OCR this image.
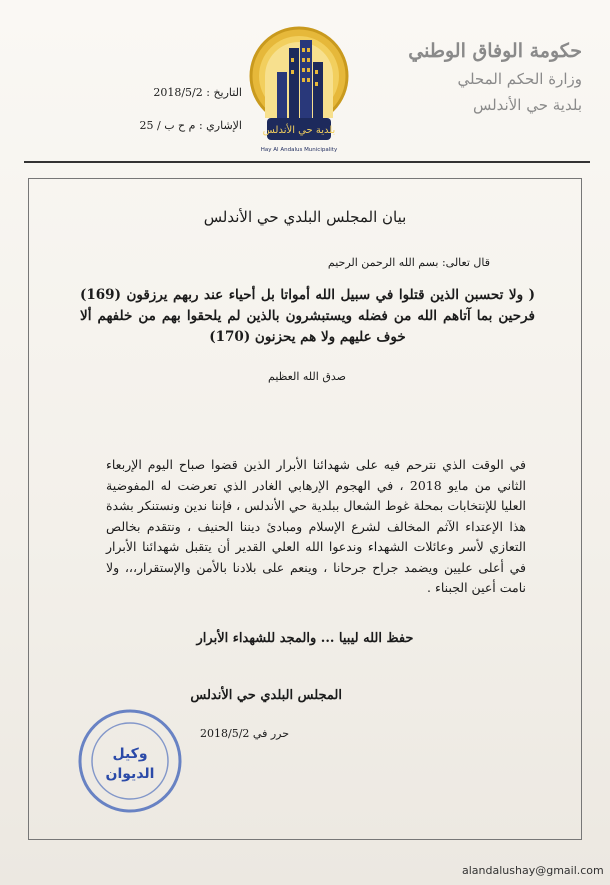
حكومة الوفاق الوطني
وزارة الحكم المحلي
بلدية حي الأندلس
بلدية حي الأندلس
Hay Al Andalus Municipality
التاريخ : 2018/5/2
الإشاري : م ح ب / 25
بيان المجلس البلدي حي الأندلس
قال تعالى: بسم الله الرحمن الرحيم
( ولا تحسبن الذين قتلوا في سبيل الله أمواتا بل أحياء عند ربهم يرزقون (169) فرحين بما آتاهم الله من فضله ويستبشرون بالذين لم يلحقوا بهم من خلفهم ألا خوف عليهم ولا هم يحزنون (170)
صدق الله العظيم
في الوقت الذي نترحم فيه على شهدائنا الأبرار الذين قضوا صباح اليوم الإربعاء الثاني من مايو 2018 ، في الهجوم الإرهابي الغادر الذي تعرضت له المفوضية العليا للإنتخابات بمحلة غوط الشعال ببلدية حي الأندلس ، فإننا ندين ونستنكر بشدة هذا الإعتداء الآثم المخالف لشرع الإسلام ومبادئ ديننا الحنيف ، ونتقدم بخالص التعازي لأسر وعائلات الشهداء وندعوا الله العلي القدير أن يتقبل شهدائنا الأبرار في أعلى عليين ويضمد جراح جرحانا ، وينعم على بلادنا بالأمن والإستقرار،،، ولا نامت أعين الجبناء .
حفظ الله ليبيا ... والمجد للشهداء الأبرار
المجلس البلدي حي الأندلس
حرر في 2018/5/2
وكيل
الديوان
alandalushay@gmail.com
